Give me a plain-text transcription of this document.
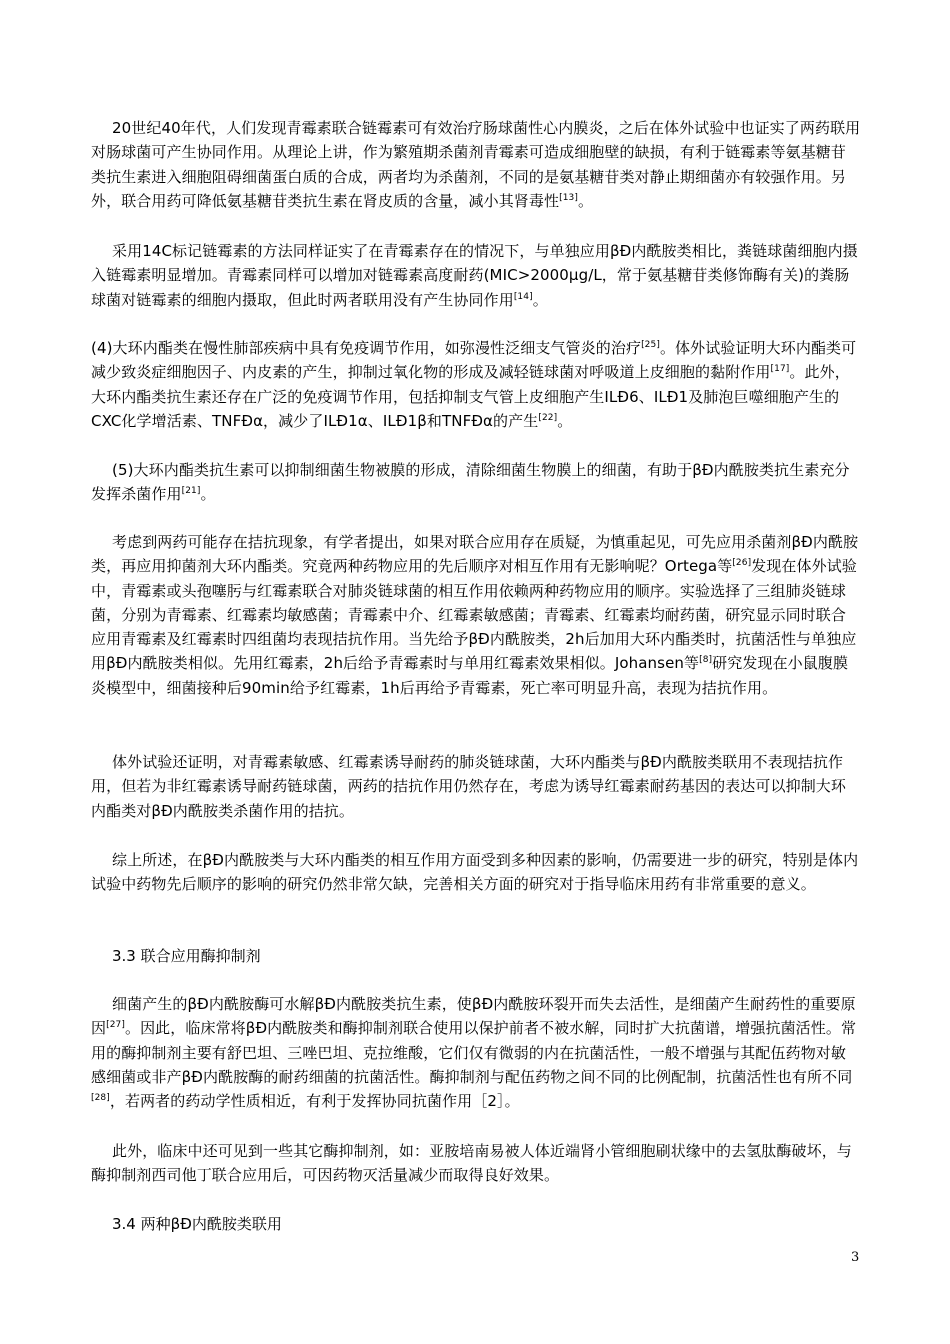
20世纪40年代，人们发现青霉素联合链霉素可有效治疗肠球菌性心内膜炎，之后在体外试验中也证实了两药联用对肠球菌可产生协同作用。从理论上讲，作为繁殖期杀菌剂青霉素可造成细胞壁的缺损，有利于链霉素等氨基糖苷类抗生素进入细胞阻碍细菌蛋白质的合成，两者均为杀菌剂，不同的是氨基糖苷类对静止期细菌亦有较强作用。另外，联合用药可降低氨基糖苷类抗生素在肾皮质的含量，减小其肾毒性[13]。

采用14C标记链霉素的方法同样证实了在青霉素存在的情况下，与单独应用βÐ内酰胺类相比，粪链球菌细胞内摄入链霉素明显增加。青霉素同样可以增加对链霉素高度耐药(MIC>2000μg/L，常于氨基糖苷类修饰酶有关)的粪肠球菌对链霉素的细胞内摄取，但此时两者联用没有产生协同作用[14]。

(4)大环内酯类在慢性肺部疾病中具有免疫调节作用，如弥漫性泛细支气管炎的治疗[25]。体外试验证明大环内酯类可减少致炎症细胞因子、内皮素的产生，抑制过氧化物的形成及减轻链球菌对呼吸道上皮细胞的黏附作用[17]。此外，大环内酯类抗生素还存在广泛的免疫调节作用，包括抑制支气管上皮细胞产生ILÐ6、ILÐ1及肺泡巨噬细胞产生的CXC化学增活素、TNFÐα，减少了ILÐ1α、ILÐ1β和TNFÐα的产生[22]。

(5)大环内酯类抗生素可以抑制细菌生物被膜的形成，清除细菌生物膜上的细菌，有助于βÐ内酰胺类抗生素充分发挥杀菌作用[21]。

考虑到两药可能存在拮抗现象，有学者提出，如果对联合应用存在质疑，为慎重起见，可先应用杀菌剂βÐ内酰胺类，再应用抑菌剂大环内酯类。究竟两种药物应用的先后顺序对相互作用有无影响呢？Ortega等[26]发现在体外试验中，青霉素或头孢噻肟与红霉素联合对肺炎链球菌的相互作用依赖两种药物应用的顺序。实验选择了三组肺炎链球菌，分别为青霉素、红霉素均敏感菌；青霉素中介、红霉素敏感菌；青霉素、红霉素均耐药菌，研究显示同时联合应用青霉素及红霉素时四组菌均表现拮抗作用。当先给予βÐ内酰胺类，2h后加用大环内酯类时，抗菌活性与单独应用βÐ内酰胺类相似。先用红霉素，2h后给予青霉素时与单用红霉素效果相似。Johansen等[8]研究发现在小鼠腹膜炎模型中，细菌接种后90min给予红霉素，1h后再给予青霉素，死亡率可明显升高，表现为拮抗作用。

体外试验还证明，对青霉素敏感、红霉素诱导耐药的肺炎链球菌，大环内酯类与βÐ内酰胺类联用不表现拮抗作用，但若为非红霉素诱导耐药链球菌，两药的拮抗作用仍然存在，考虑为诱导红霉素耐药基因的表达可以抑制大环内酯类对βÐ内酰胺类杀菌作用的拮抗。

综上所述，在βÐ内酰胺类与大环内酯类的相互作用方面受到多种因素的影响，仍需要进一步的研究，特别是体内试验中药物先后顺序的影响的研究仍然非常欠缺，完善相关方面的研究对于指导临床用药有非常重要的意义。

3.3 联合应用酶抑制剂

细菌产生的βÐ内酰胺酶可水解βÐ内酰胺类抗生素，使βÐ内酰胺环裂开而失去活性，是细菌产生耐药性的重要原因[27]。因此，临床常将βÐ内酰胺类和酶抑制剂联合使用以保护前者不被水解，同时扩大抗菌谱，增强抗菌活性。常用的酶抑制剂主要有舒巴坦、三唑巴坦、克拉维酸，它们仅有微弱的内在抗菌活性，一般不增强与其配伍药物对敏感细菌或非产βÐ内酰胺酶的耐药细菌的抗菌活性。酶抑制剂与配伍药物之间不同的比例配制，抗菌活性也有所不同[28]，若两者的药动学性质相近，有利于发挥协同抗菌作用［2］。

此外，临床中还可见到一些其它酶抑制剂，如：亚胺培南易被人体近端肾小管细胞刷状缘中的去氢肽酶破坏，与酶抑制剂西司他丁联合应用后，可因药物灭活量减少而取得良好效果。

3.4 两种βÐ内酰胺类联用

3
